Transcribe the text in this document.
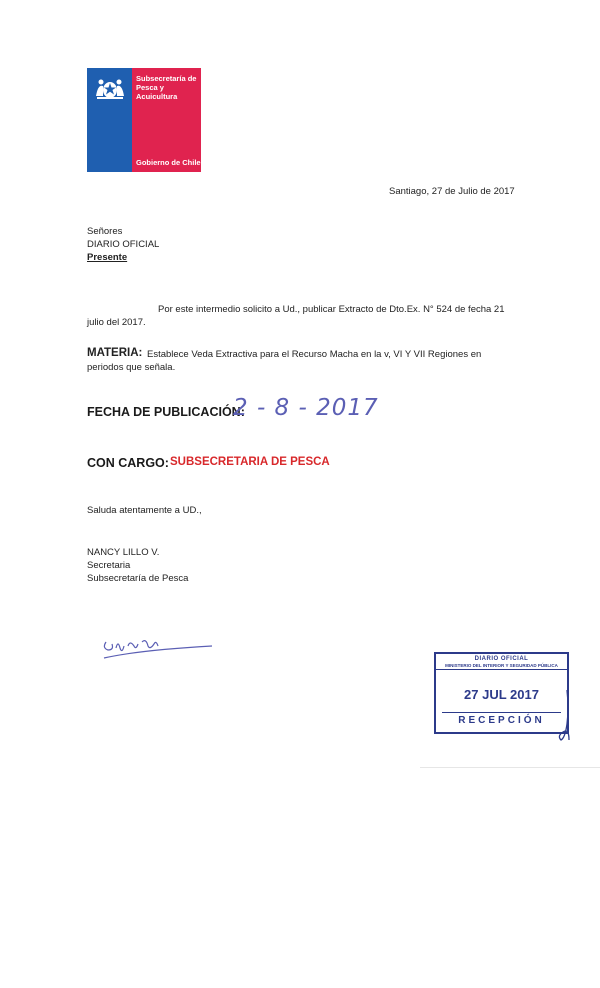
Subsecretaría de Pesca y Acuicultura
Gobierno de Chile
Santiago, 27 de Julio de 2017
Señores
DIARIO OFICIAL
Presente
Por este intermedio solicito a Ud., publicar Extracto de Dto.Ex. N° 524 de fecha 21
julio del 2017.
MATERIA: Establece Veda Extractiva para el Recurso Macha en la v, VI Y VII Regiones en
periodos que señala.
FECHA DE PUBLICACIÓN:
2 - 8 - 2017
CON CARGO: SUBSECRETARIA DE PESCA
Saluda atentamente a UD.,
NANCY LILLO V.
Secretaria
Subsecretaría de Pesca
DIARIO OFICIAL
MINISTERIO DEL INTERIOR Y SEGURIDAD PÚBLICA
27 JUL 2017
RECEPCIÓN
